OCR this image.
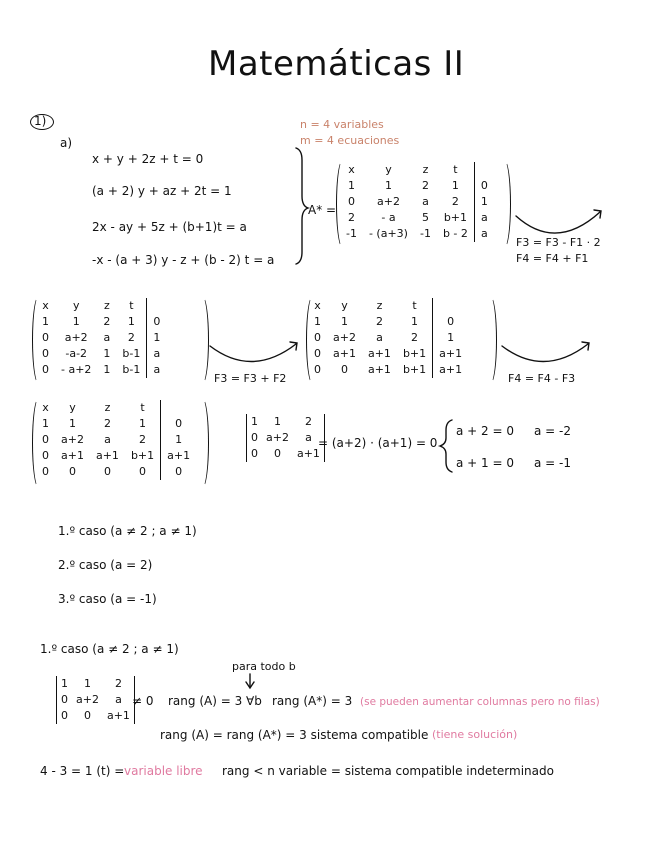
Matemáticas II
1)
a)
n = 4 variables
m = 4 ecuaciones
x + y + 2z + t = 0
(a + 2) y + az + 2t = 1
2x - ay + 5z + (b+1)t = a
-x - (a + 3) y - z + (b - 2) t = a
A* =
x	y	z	t	
1	1	2	1	0
0	a+2	a	2	1
2	- a	5	b+1	a
-1	- (a+3)	-1	b - 2	a
F3 = F3 - F1 · 2
F4 = F4 + F1
x	y	z	t	
1	1	2	1	0
0	a+2	a	2	1
0	-a-2	1	b-1	a
0	- a+2	1	b-1	a
F3 = F3 + F2
x	y	z	t	
1	1	2	1	0
0	a+2	a	2	1
0	a+1	a+1	b+1	a+1
0	0	a+1	b+1	a+1
F4 = F4 - F3
x	y	z	t	
1	1	2	1	0
0	a+2	a	2	1
0	a+1	a+1	b+1	a+1
0	0	0	0	0
1	1	2
0	a+2	a
0	0	a+1
= (a+2) · (a+1) = 0
a + 2 = 0
a + 1 = 0
a = -2
a = -1
1.º caso (a ≠ 2 ; a ≠ 1)
2.º caso (a = 2)
3.º caso (a = -1)
1.º caso (a ≠ 2 ; a ≠ 1)
para todo b
1	1	2
0	a+2	a
0	0	a+1
≠ 0 rang (A) = 3 ∀b rang (A*) = 3 (se pueden aumentar columnas pero no filas)
rang (A) = rang (A*) = 3 sistema compatible (tiene solución)
4 - 3 = 1 (t) = variable libre rang < n variable = sistema compatible indeterminado
